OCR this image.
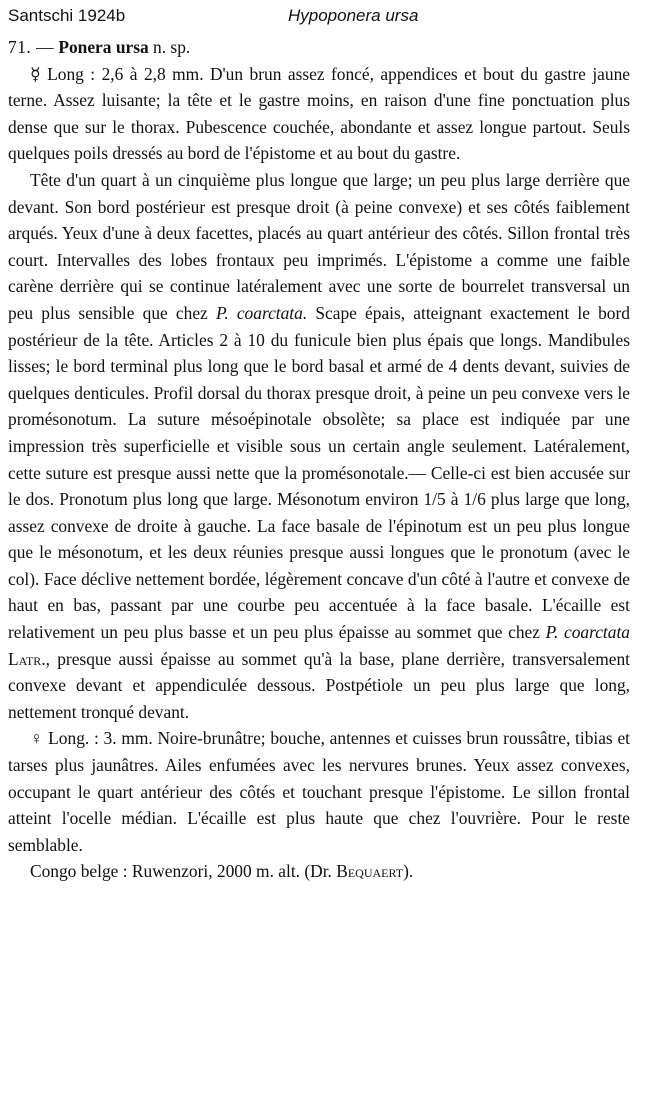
Santschi 1924b	Hypoponera ursa

71. — Ponera ursa n. sp.

☿ Long : 2,6 à 2,8 mm. D'un brun assez foncé, appendices et bout du gastre jaune terne. Assez luisante; la tête et le gastre moins, en raison d'une fine ponctuation plus dense que sur le thorax. Pubescence couchée, abondante et assez longue partout. Seuls quelques poils dressés au bord de l'épistome et au bout du gastre.

Tête d'un quart à un cinquième plus longue que large; un peu plus large derrière que devant. Son bord postérieur est presque droit (à peine convexe) et ses côtés faiblement arqués. Yeux d'une à deux facettes, placés au quart antérieur des côtés. Sillon frontal très court. Intervalles des lobes frontaux peu imprimés. L'épistome a comme une faible carène derrière qui se continue latéralement avec une sorte de bourrelet transversal un peu plus sensible que chez P. coarctata. Scape épais, atteignant exactement le bord postérieur de la tête. Articles 2 à 10 du funicule bien plus épais que longs. Mandibules lisses; le bord terminal plus long que le bord basal et armé de 4 dents devant, suivies de quelques denticules. Profil dorsal du thorax presque droit, à peine un peu convexe vers le promésonotum. La suture mésoépinotale obsolète; sa place est indiquée par une impression très superficielle et visible sous un certain angle seulement. Latéralement, cette suture est presque aussi nette que la promésonotale.— Celle-ci est bien accusée sur le dos. Pronotum plus long que large. Mésonotum environ 1/5 à 1/6 plus large que long, assez convexe de droite à gauche. La face basale de l'épinotum est un peu plus longue que le mésonotum, et les deux réunies presque aussi longues que le pronotum (avec le col). Face déclive nettement bordée, légèrement concave d'un côté à l'autre et convexe de haut en bas, passant par une courbe peu accentuée à la face basale. L'écaille est relativement un peu plus basse et un peu plus épaisse au sommet que chez P. coarctata Latr., presque aussi épaisse au sommet qu'à la base, plane derrière, transversalement convexe devant et appendiculée dessous. Postpétiole un peu plus large que long, nettement tronqué devant.

♀ Long. : 3. mm. Noire-brunâtre; bouche, antennes et cuisses brun roussâtre, tibias et tarses plus jaunâtres. Ailes enfumées avec les nervures brunes. Yeux assez convexes, occupant le quart antérieur des côtés et touchant presque l'épistome. Le sillon frontal atteint l'ocelle médian. L'écaille est plus haute que chez l'ouvrière. Pour le reste semblable.

Congo belge : Ruwenzori, 2000 m. alt. (Dr. Bequaert).
